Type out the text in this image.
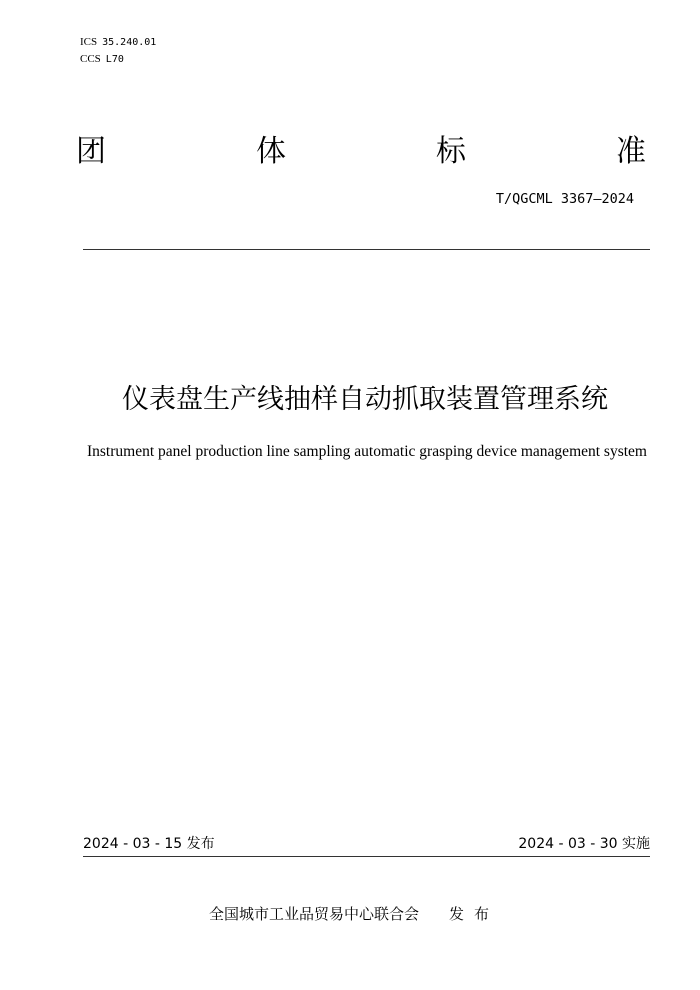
ICS 35.240.01
CCS L70
团	体	标	准
T/QGCML 3367—2024
仪表盘生产线抽样自动抓取装置管理系统
Instrument panel production line sampling automatic grasping device management system
2024 - 03 - 15 发布	2024 - 03 - 30 实施
全国城市工业品贸易中心联合会 发布
